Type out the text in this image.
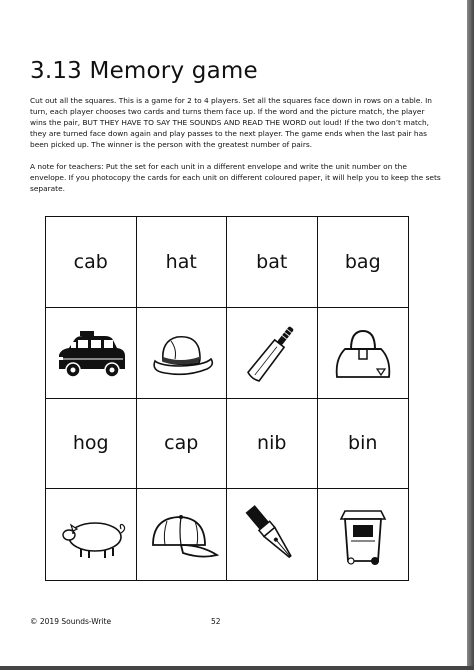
3.13 Memory game

Cut out all the squares. This is a game for 2 to 4 players. Set all the squares face down in rows on a table. In turn, each player chooses two cards and turns them face up. If the word and the picture match, the player wins the pair, BUT THEY HAVE TO SAY THE SOUNDS AND READ THE WORD out loud! If the two don’t match, they are turned face down again and play passes to the next player. The game ends when the last pair has been picked up. The winner is the person with the greatest number of pairs.

A note for teachers: Put the set for each unit in a different envelope and write the unit number on the envelope. If you photocopy the cards for each unit on different coloured paper, it will help you to keep the sets separate.

cab	hat	bat	bag
hog	cap	nib	bin
© 2019 Sounds-Write	52
